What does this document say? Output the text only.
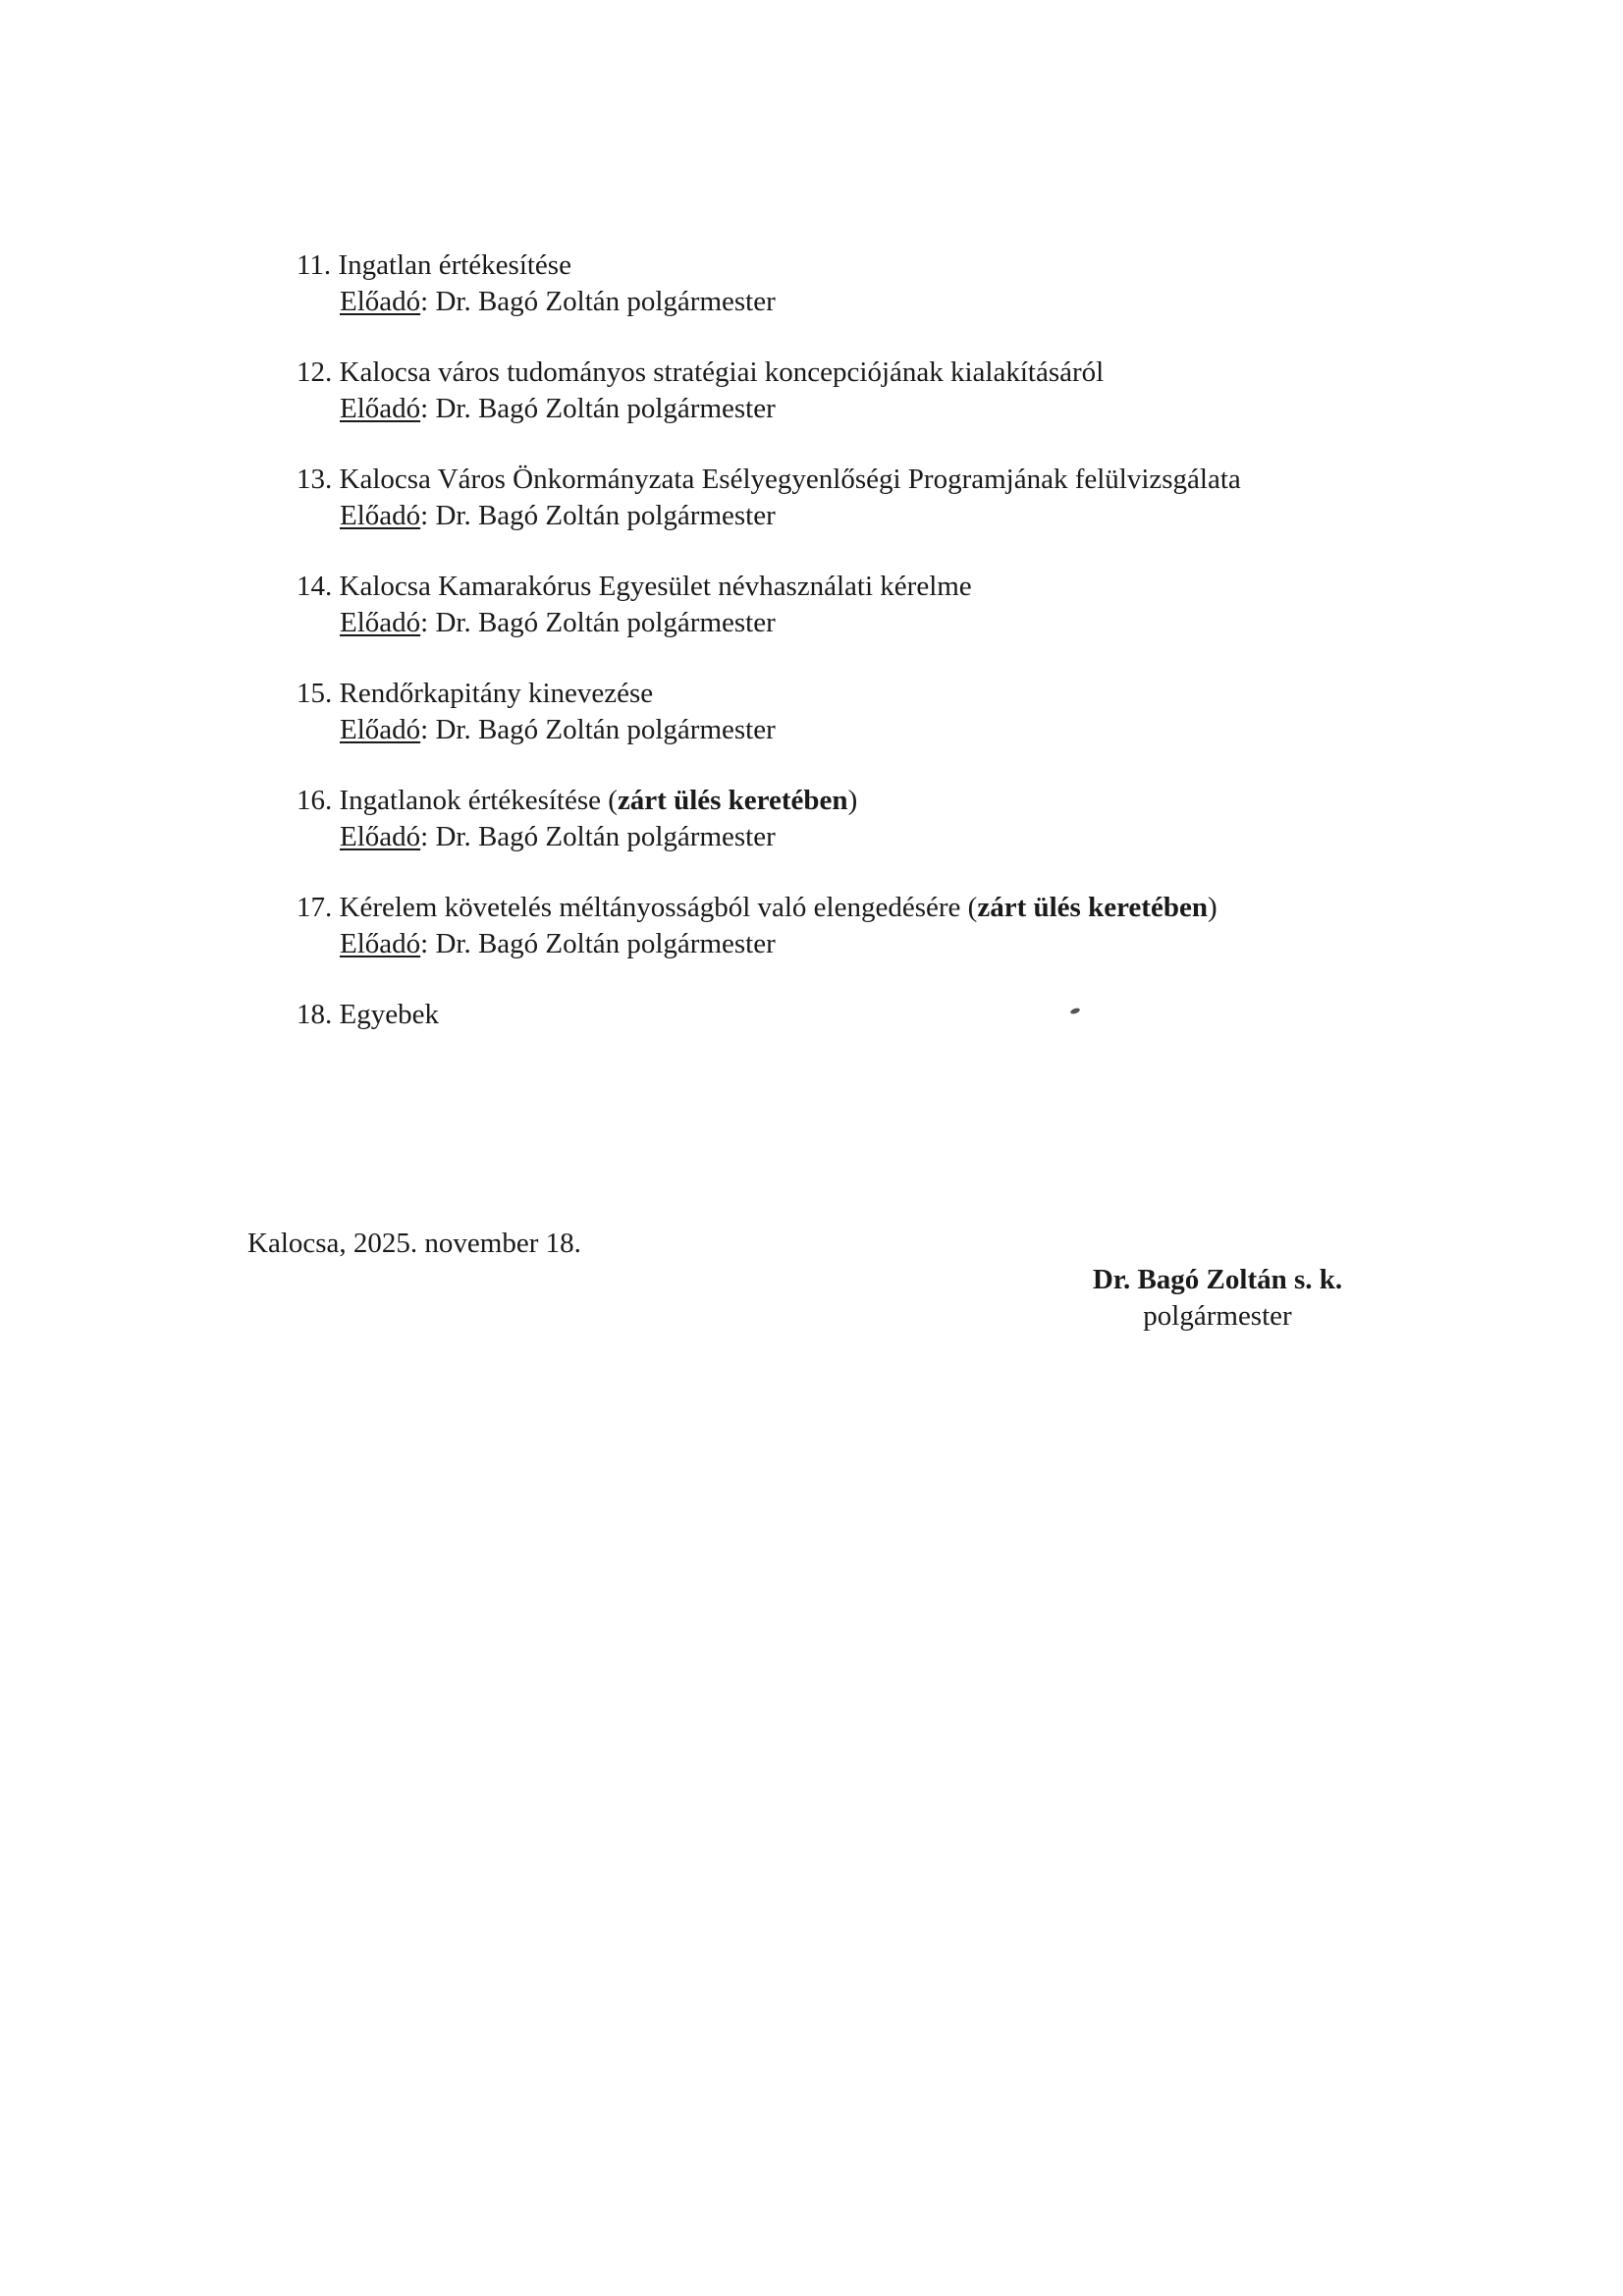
11. Ingatlan értékesítése
Előadó: Dr. Bagó Zoltán polgármester
12. Kalocsa város tudományos stratégiai koncepciójának kialakításáról
Előadó: Dr. Bagó Zoltán polgármester
13. Kalocsa Város Önkormányzata Esélyegyenlőségi Programjának felülvizsgálata
Előadó: Dr. Bagó Zoltán polgármester
14. Kalocsa Kamarakórus Egyesület névhasználati kérelme
Előadó: Dr. Bagó Zoltán polgármester
15. Rendőrkapitány kinevezése
Előadó: Dr. Bagó Zoltán polgármester
16. Ingatlanok értékesítése (zárt ülés keretében)
Előadó: Dr. Bagó Zoltán polgármester
17. Kérelem követelés méltányosságból való elengedésére (zárt ülés keretében)
Előadó: Dr. Bagó Zoltán polgármester
18. Egyebek
Kalocsa, 2025. november 18.
Dr. Bagó Zoltán s. k.
polgármester
